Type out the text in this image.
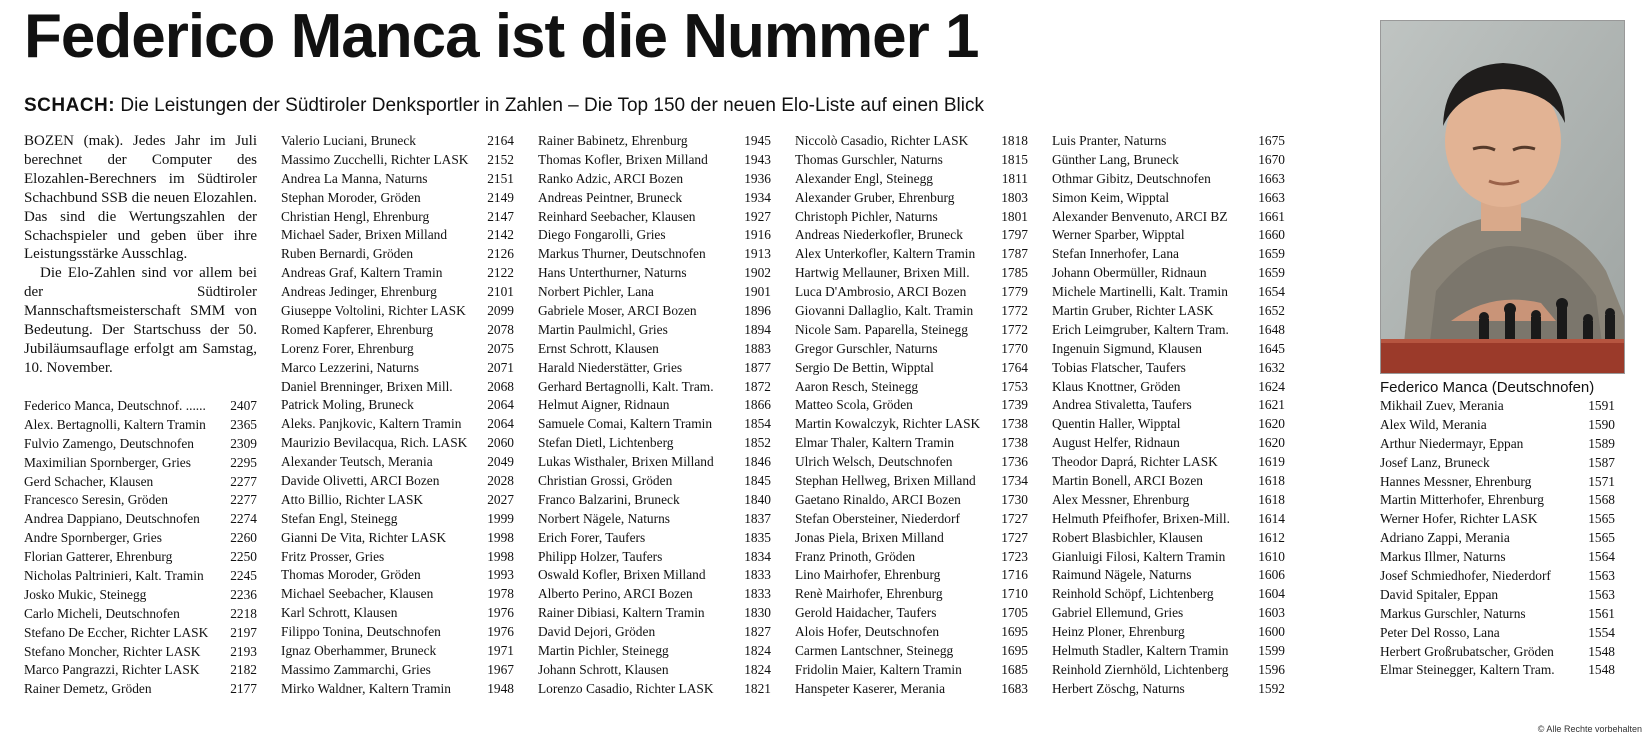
Federico Manca ist die Nummer 1

SCHACH: Die Leistungen der Südtiroler Denksportler in Zahlen – Die Top 150 der neuen Elo-Liste auf einen Blick

BOZEN (mak). Jedes Jahr im Juli berechnet der Computer des Elozahlen-Berechners im Südtiroler Schachbund SSB die neuen Elozahlen. Das sind die Wertungszahlen der Schachspieler und geben über ihre Leistungsstärke Ausschlag.

Die Elo-Zahlen sind vor allem bei der Südtiroler Mannschaftsmeisterschaft SMM von Bedeutung. Der Startschuss der 50. Jubiläumsauflage erfolgt am Samstag, 10. November.

Federico Manca, Deutschnof. ...... 2407
Alex. Bertagnolli, Kaltern Tramin 2365
Fulvio Zamengo, Deutschnofen	2309
Maximilian Spornberger, Gries	2295
Gerd Schacher, Klausen	2277
Francesco Seresin, Gröden	2277
Andrea Dappiano, Deutschnofen 2274
Andre Spornberger, Gries	2260
Florian Gatterer, Ehrenburg	2250
Nicholas Paltrinieri, Kalt. Tramin 2245
Josko Mukic, Steinegg	2236
Carlo Micheli, Deutschnofen	2218
Stefano De Eccher, Richter LASK 2197
Stefano Moncher, Richter LASK 2193
Marco Pangrazzi, Richter LASK 2182
Rainer Demetz, Gröden	2177
Valerio Luciani, Bruneck	2164
Massimo Zucchelli, Richter LASK 2152
Andrea La Manna, Naturns	2151
Stephan Moroder, Gröden	2149
Christian Hengl, Ehrenburg	2147
Michael Sader, Brixen Milland	2142
Ruben Bernardi, Gröden	2126
Andreas Graf, Kaltern Tramin	2122
Andreas Jedinger, Ehrenburg	2101
Giuseppe Voltolini, Richter LASK 2099
Romed Kapferer, Ehrenburg	2078
Lorenz Forer, Ehrenburg	2075
Marco Lezzerini, Naturns	2071
Daniel Brenninger, Brixen Mill.	2068
Patrick Moling, Bruneck	2064
Aleks. Panjkovic, Kaltern Tramin 2064
Maurizio Bevilacqua, Rich. LASK 2060
Alexander Teutsch, Merania	2049
Davide Olivetti, ARCI Bozen	2028
Atto Billio, Richter LASK	2027
Stefan Engl, Steinegg	1999
Gianni De Vita, Richter LASK	1998
Fritz Prosser, Gries	1998
Thomas Moroder, Gröden	1993
Michael Seebacher, Klausen	1978
Karl Schrott, Klausen	1976
Filippo Tonina, Deutschnofen	1976
Ignaz Oberhammer, Bruneck	1971
Massimo Zammarchi, Gries	1967
Mirko Waldner, Kaltern Tramin	1948
Rainer Babinetz, Ehrenburg	1945
Thomas Kofler, Brixen Milland	1943
Ranko Adzic, ARCI Bozen	1936
Andreas Peintner, Bruneck	1934
Reinhard Seebacher, Klausen	1927
Diego Fongarolli, Gries	1916
Markus Thurner, Deutschnofen	1913
Hans Unterthurner, Naturns	1902
Norbert Pichler, Lana	1901
Gabriele Moser, ARCI Bozen	1896
Martin Paulmichl, Gries	1894
Ernst Schrott, Klausen	1883
Harald Niederstätter, Gries	1877
Gerhard Bertagnolli, Kalt. Tram. 1872
Helmut Aigner, Ridnaun	1866
Samuele Comai, Kaltern Tramin 1854
Stefan Dietl, Lichtenberg	1852
Lukas Wisthaler, Brixen Milland 1846
Christian Grossi, Gröden	1845
Franco Balzarini, Bruneck	1840
Norbert Nägele, Naturns	1837
Erich Forer, Taufers	1835
Philipp Holzer, Taufers	1834
Oswald Kofler, Brixen Milland	1833
Alberto Perino, ARCI Bozen	1833
Rainer Dibiasi, Kaltern Tramin	1830
David Dejori, Gröden	1827
Martin Pichler, Steinegg	1824
Johann Schrott, Klausen	1824
Lorenzo Casadio, Richter LASK 1821
Niccolò Casadio, Richter LASK 1818
Thomas Gurschler, Naturns	1815
Alexander Engl, Steinegg	1811
Alexander Gruber, Ehrenburg	1803
Christoph Pichler, Naturns	1801
Andreas Niederkofler, Bruneck	1797
Alex Unterkofler, Kaltern Tramin 1787
Hartwig Mellauner, Brixen Mill. 1785
Luca D'Ambrosio, ARCI Bozen	1779
Giovanni Dallaglio, Kalt. Tramin 1772
Nicole Sam. Paparella, Steinegg 1772
Gregor Gurschler, Naturns	1770
Sergio De Bettin, Wipptal	1764
Aaron Resch, Steinegg	1753
Matteo Scola, Gröden	1739
Martin Kowalczyk, Richter LASK 1738
Elmar Thaler, Kaltern Tramin	1738
Ulrich Welsch, Deutschnofen	1736
Stephan Hellweg, Brixen Milland 1734
Gaetano Rinaldo, ARCI Bozen	1730
Stefan Obersteiner, Niederdorf	1727
Jonas Piela, Brixen Milland	1727
Franz Prinoth, Gröden	1723
Lino Mairhofer, Ehrenburg	1716
Renè Mairhofer, Ehrenburg	1710
Gerold Haidacher, Taufers	1705
Alois Hofer, Deutschnofen	1695
Carmen Lantschner, Steinegg	1695
Fridolin Maier, Kaltern Tramin	1685
Hanspeter Kaserer, Merania	1683
Luis Pranter, Naturns	1675
Günther Lang, Bruneck	1670
Othmar Gibitz, Deutschnofen	1663
Simon Keim, Wipptal	1663
Alexander Benvenuto, ARCI BZ 1661
Werner Sparber, Wipptal	1660
Stefan Innerhofer, Lana	1659
Johann Obermüller, Ridnaun	1659
Michele Martinelli, Kalt. Tramin 1654
Martin Gruber, Richter LASK	1652
Erich Leimgruber, Kaltern Tram. 1648
Ingenuin Sigmund, Klausen	1645
Tobias Flatscher, Taufers	1632
Klaus Knottner, Gröden	1624
Andrea Stivaletta, Taufers	1621
Quentin Haller, Wipptal	1620
August Helfer, Ridnaun	1620
Theodor Daprá, Richter LASK	1619
Martin Bonell, ARCI Bozen	1618
Alex Messner, Ehrenburg	1618
Helmuth Pfeifhofer, Brixen-Mill. 1614
Robert Blasbichler, Klausen	1612
Gianluigi Filosi, Kaltern Tramin 1610
Raimund Nägele, Naturns	1606
Reinhold Schöpf, Lichtenberg	1604
Gabriel Ellemund, Gries	1603
Heinz Ploner, Ehrenburg	1600
Helmuth Stadler, Kaltern Tramin 1599
Reinhold Ziernhöld, Lichtenberg 1596
Herbert Zöschg, Naturns	1592
Mikhail Zuev, Merania	1591
Alex Wild, Merania	1590
Arthur Niedermayr, Eppan	1589
Josef Lanz, Bruneck	1587
Hannes Messner, Ehrenburg	1571
Martin Mitterhofer, Ehrenburg	1568
Werner Hofer, Richter LASK	1565
Adriano Zappi, Merania	1565
Markus Illmer, Naturns	1564
Josef Schmiedhofer, Niederdorf	1563
David Spitaler, Eppan	1563
Markus Gurschler, Naturns	1561
Peter Del Rosso, Lana	1554
Herbert Großrubatscher, Gröden	1548
Elmar Steinegger, Kaltern Tram.	1548

Federico Manca (Deutschnofen)

© Alle Rechte vorbehalten
